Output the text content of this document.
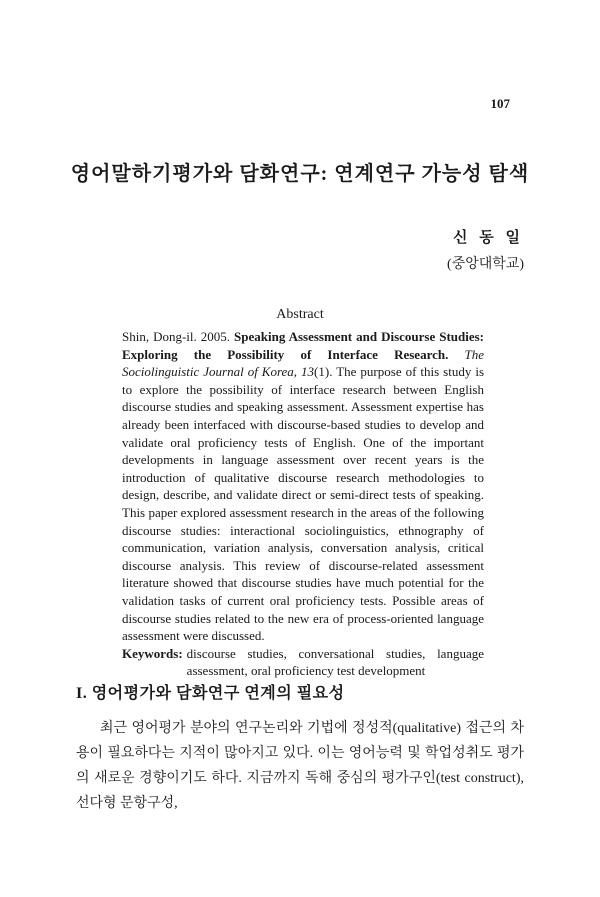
107
영어말하기평가와 담화연구: 연계연구 가능성 탐색
신 동 일
(중앙대학교)
Abstract

Shin, Dong-il. 2005. Speaking Assessment and Discourse Studies: Exploring the Possibility of Interface Research. The Sociolinguistic Journal of Korea, 13(1). The purpose of this study is to explore the possibility of interface research between English discourse studies and speaking assessment. Assessment expertise has already been interfaced with discourse-based studies to develop and validate oral proficiency tests of English. One of the important developments in language assessment over recent years is the introduction of qualitative discourse research methodologies to design, describe, and validate direct or semi-direct tests of speaking. This paper explored assessment research in the areas of the following discourse studies: interactional sociolinguistics, ethnography of communication, variation analysis, conversation analysis, critical discourse analysis. This review of discourse-related assessment literature showed that discourse studies have much potential for the validation tasks of current oral proficiency tests. Possible areas of discourse studies related to the new era of process-oriented language assessment were discussed.

Keywords: discourse studies, conversational studies, language assessment, oral proficiency test development
I. 영어평가와 담화연구 연계의 필요성

최근 영어평가 분야의 연구논리와 기법에 정성적(qualitative) 접근의 차용이 필요하다는 지적이 많아지고 있다. 이는 영어능력 및 학업성취도 평가의 새로운 경향이기도 하다. 지금까지 독해 중심의 평가구인(test construct), 선다형 문항구성,
